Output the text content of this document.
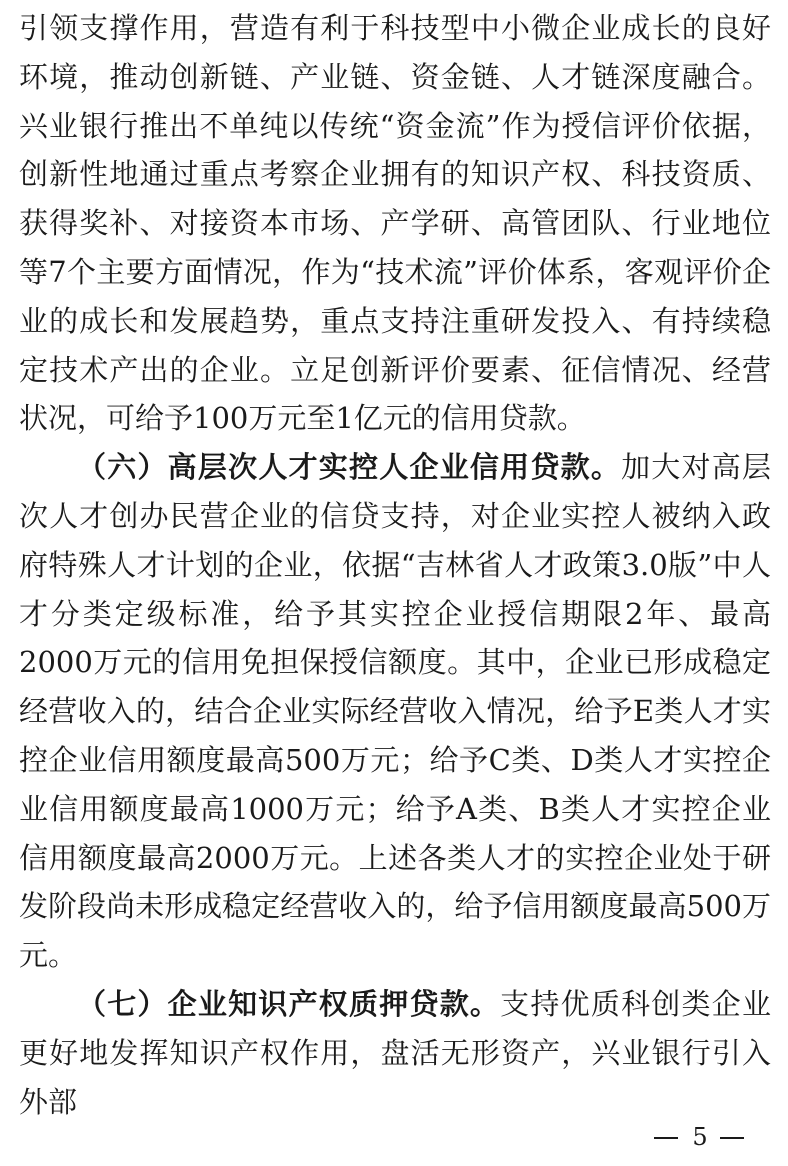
引领支撑作用，营造有利于科技型中小微企业成长的良好环境，推动创新链、产业链、资金链、人才链深度融合。兴业银行推出不单纯以传统“资金流”作为授信评价依据，创新性地通过重点考察企业拥有的知识产权、科技资质、获得奖补、对接资本市场、产学研、高管团队、行业地位等7个主要方面情况，作为“技术流”评价体系，客观评价企业的成长和发展趋势，重点支持注重研发投入、有持续稳定技术产出的企业。立足创新评价要素、征信情况、经营状况，可给予100万元至1亿元的信用贷款。

（六）高层次人才实控人企业信用贷款。加大对高层次人才创办民营企业的信贷支持，对企业实控人被纳入政府特殊人才计划的企业，依据“吉林省人才政策3.0版”中人才分类定级标准，给予其实控企业授信期限2年、最高2000万元的信用免担保授信额度。其中，企业已形成稳定经营收入的，结合企业实际经营收入情况，给予E类人才实控企业信用额度最高500万元；给予C类、D类人才实控企业信用额度最高1000万元；给予A类、B类人才实控企业信用额度最高2000万元。上述各类人才的实控企业处于研发阶段尚未形成稳定经营收入的，给予信用额度最高500万元。

（七）企业知识产权质押贷款。支持优质科创类企业更好地发挥知识产权作用，盘活无形资产，兴业银行引入外部

5
